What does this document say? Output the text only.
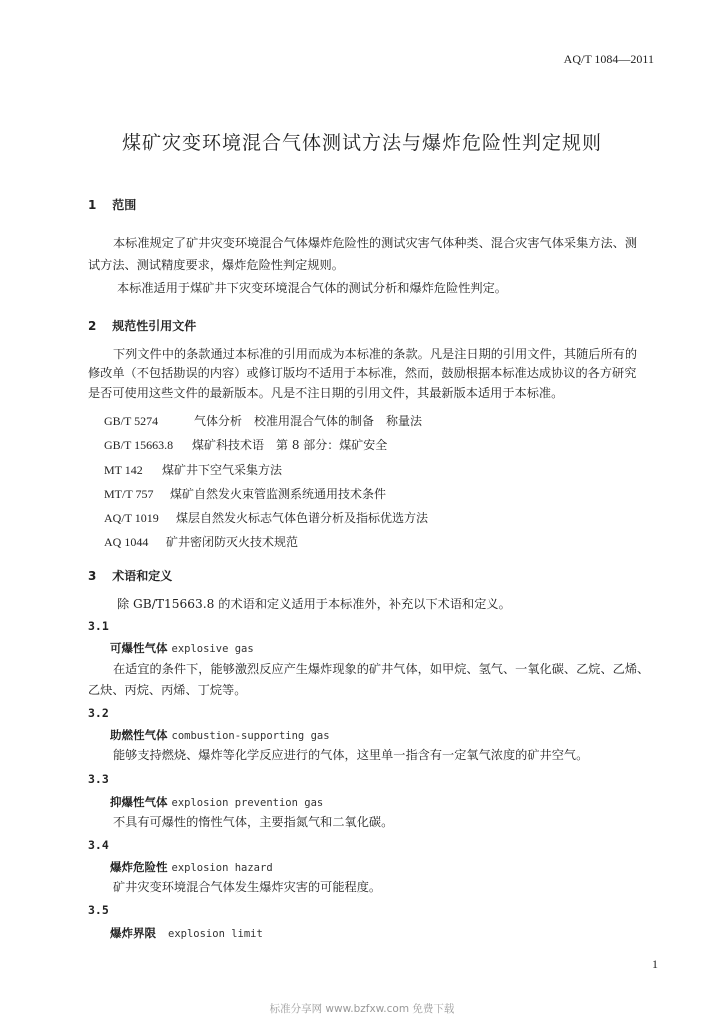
AQ/T 1084—2011
煤矿灾变环境混合气体测试方法与爆炸危险性判定规则
1 范围
本标准规定了矿井灾变环境混合气体爆炸危险性的测试灾害气体种类、混合灾害气体采集方法、测
试方法、测试精度要求，爆炸危险性判定规则。
本标准适用于煤矿井下灾变环境混合气体的测试分析和爆炸危险性判定。
2 规范性引用文件
下列文件中的条款通过本标准的引用而成为本标准的条款。凡是注日期的引用文件，其随后所有的
修改单（不包括勘误的内容）或修订版均不适用于本标准，然而，鼓励根据本标准达成协议的各方研究
是否可使用这些文件的最新版本。凡是不注日期的引用文件，其最新版本适用于本标准。
GB/T 5274	气体分析　校准用混合气体的制备　称量法
GB/T 15663.8 煤矿科技术语　第 8 部分：煤矿安全
MT 142 煤矿井下空气采集方法
MT/T 757 煤矿自然发火束管监测系统通用技术条件
AQ/T 1019 煤层自然发火标志气体色谱分析及指标优选方法
AQ 1044 矿井密闭防灭火技术规范
3 术语和定义
除 GB/T15663.8 的术语和定义适用于本标准外，补充以下术语和定义。
3.1
可爆性气体 explosive gas
在适宜的条件下，能够激烈反应产生爆炸现象的矿井气体，如甲烷、氢气、一氧化碳、乙烷、乙烯、
乙炔、丙烷、丙烯、丁烷等。
3.2
助燃性气体 combustion-supporting gas
能够支持燃烧、爆炸等化学反应进行的气体，这里单一指含有一定氧气浓度的矿井空气。
3.3
抑爆性气体 explosion prevention gas
不具有可爆性的惰性气体，主要指氮气和二氧化碳。
3.4
爆炸危险性 explosion hazard
矿井灾变环境混合气体发生爆炸灾害的可能程度。
3.5
爆炸界限 explosion limit
1
标准分享网 www.bzfxw.com 免费下载
